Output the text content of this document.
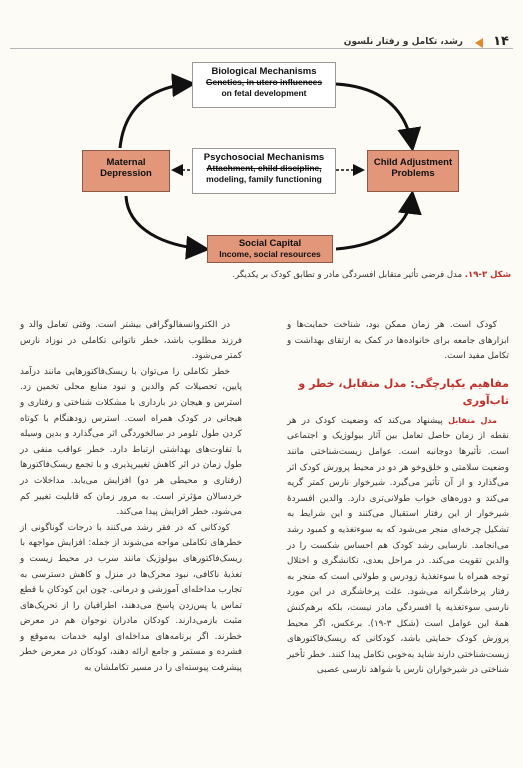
۱۴
رشد، تکامل و رفتار نلسون
Biological Mechanisms
Genetics, in utero influences
on fetal development
Psychosocial Mechanisms
Attachment, child discipline,
modeling, family functioning
Maternal
Depression
Child Adjustment
Problems
Social Capital
Income, social resources
شکل ۳-۱۹. مدل فرضی تأثیر متقابل افسردگی مادر و تطابق کودک بر یکدیگر.

کودک است. هر زمان ممکن بود، شناخت حمایت‌ها و ابزارهای جامعه برای خانواده‌ها در کمک به ارتقای بهداشت و تکامل مفید است.

مفاهیم یکپارچگی: مدل متقابل، خطر و تاب‌آوری

مدل متقابل پیشنهاد می‌کند که وضعیت کودک در هر نقطه از زمان حاصل تعامل بین آثار بیولوژیک و اجتماعی است. تأثیرها دوجانبه است. عوامل زیست‌شناختی مانند وضعیت سلامتی و خلق‌وخو هر دو در محیط پرورش کودک اثر می‌گذارد و از آن تأثیر می‌گیرد. شیرخوار نارس کمتر گریه می‌کند و دوره‌های خواب طولانی‌تری دارد. والدین افسردهٔ شیرخوار از این رفتار استقبال می‌کنند و این شرایط به تشکیل چرخه‌ای منجر می‌شود که به سوءتغذیه و کمبود رشد می‌انجامد. نارسایی رشد کودک هم احساس شکست را در والدین تقویت می‌کند. در مراحل بعدی، تکانشگری و اختلال توجه همراه با سوءتغذیهٔ زودرس و طولانی است که منجر به رفتار پرخاشگرانه می‌شود. علت پرخاشگری در این مورد نارسی سوءتغذیه یا افسردگی مادر نیست، بلکه برهم‌کنش همهٔ این عوامل است (شکل ۳-۱۹). برعکس، اگر محیط پرورش کودک حمایتی باشد، کودکانی که ریسک‌فاکتورهای زیست‌شناختی دارند شاید به‌خوبی تکامل پیدا کنند. خطر تأخیر شناختی در شیرخواران نارس با شواهد نارسی عصبی

در الکتروانسفالوگرافی بیشتر است. وقتی تعامل والد و فرزند مطلوب باشد، خطر ناتوانی تکاملی در نوزاد نارس کمتر می‌شود.

خطر تکاملی را می‌توان با ریسک‌فاکتورهایی مانند درآمد پایین، تحصیلات کم والدین و نبود منابع محلی تخمین زد. استرس و هیجان در بارداری با مشکلات شناختی و رفتاری و هیجانی در کودک همراه است. استرس زودهنگام با کوتاه کردن طول تلومر در سالخوردگی اثر می‌گذارد و بدین وسیله با تفاوت‌های بهداشتی ارتباط دارد. خطر عواقب منفی در طول زمان در اثر کاهش تغییرپذیری و با تجمع ریسک‌فاکتورها (رفتاری و محیطی هر دو) افزایش می‌یابد. مداخلات در خردسالان مؤثرتر است. به مرور زمان که قابلیت تغییر کم می‌شود، خطر افزایش پیدا می‌کند.

کودکانی که در فقر رشد می‌کنند با درجات گوناگونی از خطرهای تکاملی مواجه می‌شوند از جمله: افزایش مواجهه با ریسک‌فاکتورهای بیولوژیک مانند سرب در محیط زیست و تغذیهٔ ناکافی، نبود محرک‌ها در منزل و کاهش دسترسی به تجارب مداخله‌ای آموزشی و درمانی. چون این کودکان با قطع تماس یا پس‌زدن پاسخ می‌دهند، اطرافیان را از تحریک‌های مثبت بازمی‌دارند. کودکان مادران نوجوان هم در معرض خطرند. اگر برنامه‌های مداخله‌ای اولیه خدمات به‌موقع و فشرده و مستمر و جامع ارائه دهند، کودکان در معرض خطر پیشرفت پیوسته‌ای را در مسیر تکاملشان به
